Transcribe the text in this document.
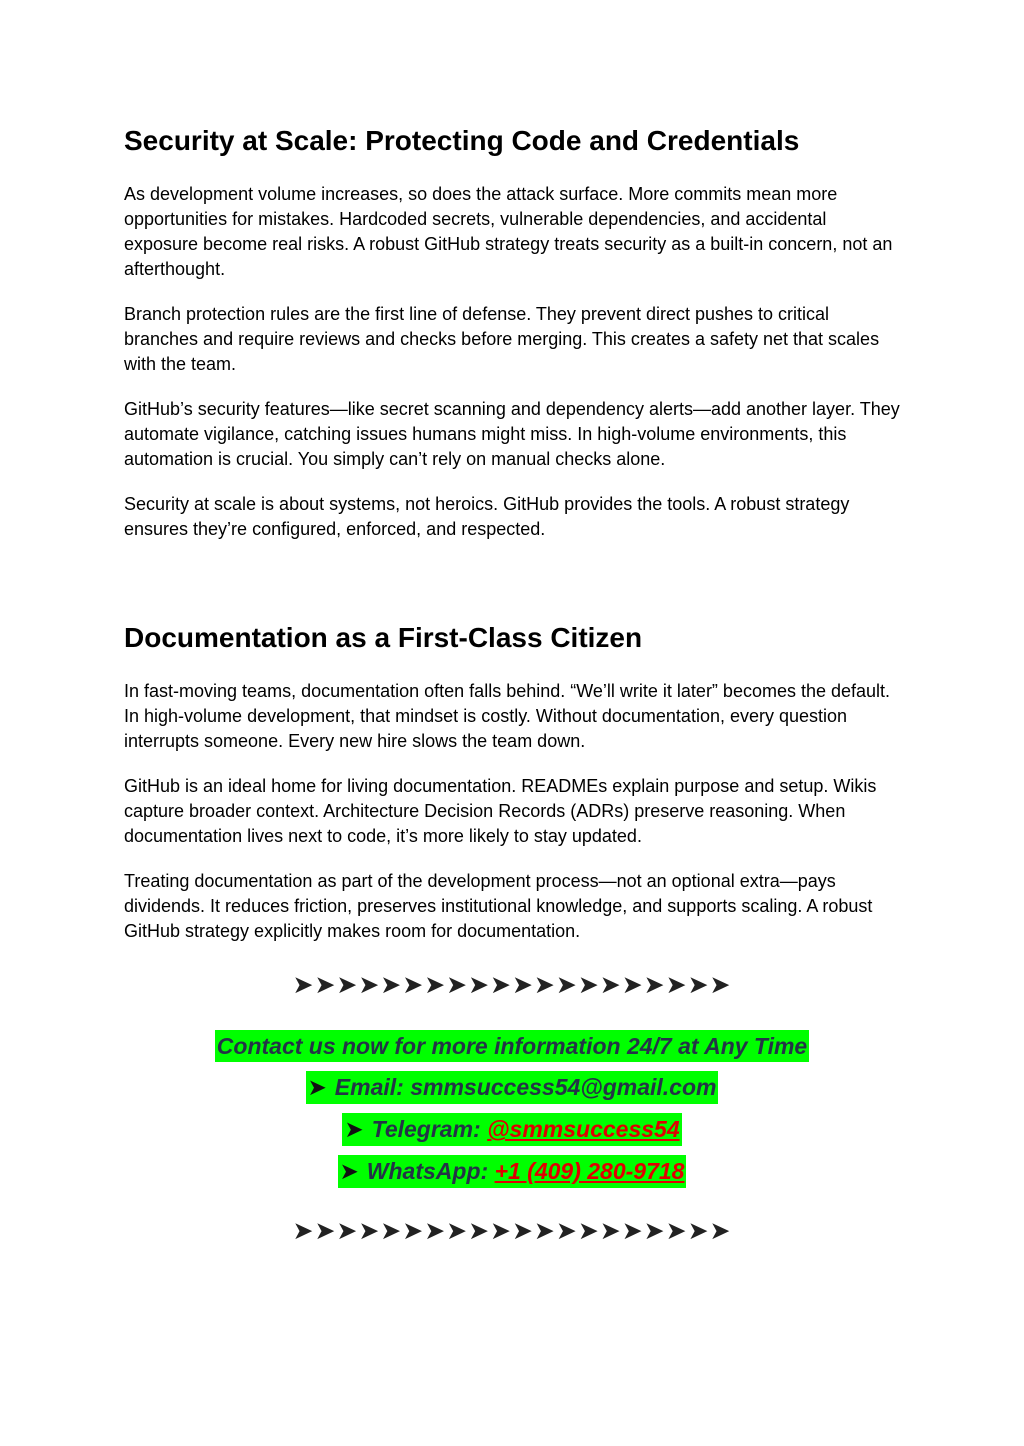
Security at Scale: Protecting Code and Credentials

As development volume increases, so does the attack surface. More commits mean more opportunities for mistakes. Hardcoded secrets, vulnerable dependencies, and accidental exposure become real risks. A robust GitHub strategy treats security as a built-in concern, not an afterthought.

Branch protection rules are the first line of defense. They prevent direct pushes to critical branches and require reviews and checks before merging. This creates a safety net that scales with the team.

GitHub’s security features—like secret scanning and dependency alerts—add another layer. They automate vigilance, catching issues humans might miss. In high-volume environments, this automation is crucial. You simply can’t rely on manual checks alone.

Security at scale is about systems, not heroics. GitHub provides the tools. A robust strategy ensures they’re configured, enforced, and respected.

Documentation as a First-Class Citizen

In fast-moving teams, documentation often falls behind. “We’ll write it later” becomes the default. In high-volume development, that mindset is costly. Without documentation, every question interrupts someone. Every new hire slows the team down.

GitHub is an ideal home for living documentation. READMEs explain purpose and setup. Wikis capture broader context. Architecture Decision Records (ADRs) preserve reasoning. When documentation lives next to code, it’s more likely to stay updated.

Treating documentation as part of the development process—not an optional extra—pays dividends. It reduces friction, preserves institutional knowledge, and supports scaling. A robust GitHub strategy explicitly makes room for documentation.

➤➤➤➤➤➤➤➤➤➤➤➤➤➤➤➤➤➤➤➤
Contact us now for more information 24/7 at Any Time
➤ Email: smmsuccess54@gmail.com
➤ Telegram: @smmsuccess54
➤ WhatsApp: +1 (409) 280-9718
➤➤➤➤➤➤➤➤➤➤➤➤➤➤➤➤➤➤➤➤
